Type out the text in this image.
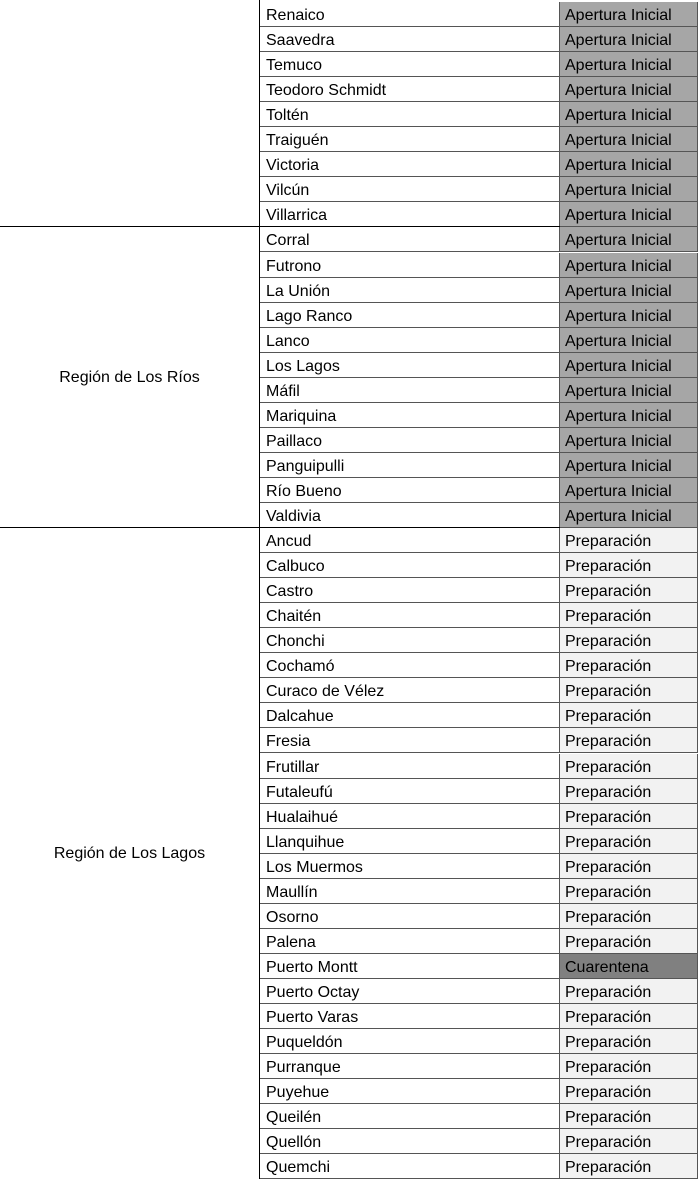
Renaico	Apertura Inicial
Saavedra	Apertura Inicial
Temuco	Apertura Inicial
Teodoro Schmidt	Apertura Inicial
Toltén	Apertura Inicial
Traiguén	Apertura Inicial
Victoria	Apertura Inicial
Vilcún	Apertura Inicial
Villarrica	Apertura Inicial
Región de Los Ríos
Corral	Apertura Inicial
Futrono	Apertura Inicial
La Unión	Apertura Inicial
Lago Ranco	Apertura Inicial
Lanco	Apertura Inicial
Los Lagos	Apertura Inicial
Máfil	Apertura Inicial
Mariquina	Apertura Inicial
Paillaco	Apertura Inicial
Panguipulli	Apertura Inicial
Río Bueno	Apertura Inicial
Valdivia	Apertura Inicial
Región de Los Lagos
Ancud	Preparación
Calbuco	Preparación
Castro	Preparación
Chaitén	Preparación
Chonchi	Preparación
Cochamó	Preparación
Curaco de Vélez	Preparación
Dalcahue	Preparación
Fresia	Preparación
Frutillar	Preparación
Futaleufú	Preparación
Hualaihué	Preparación
Llanquihue	Preparación
Los Muermos	Preparación
Maullín	Preparación
Osorno	Preparación
Palena	Preparación
Puerto Montt	Cuarentena
Puerto Octay	Preparación
Puerto Varas	Preparación
Puqueldón	Preparación
Purranque	Preparación
Puyehue	Preparación
Queilén	Preparación
Quellón	Preparación
Quemchi	Preparación
